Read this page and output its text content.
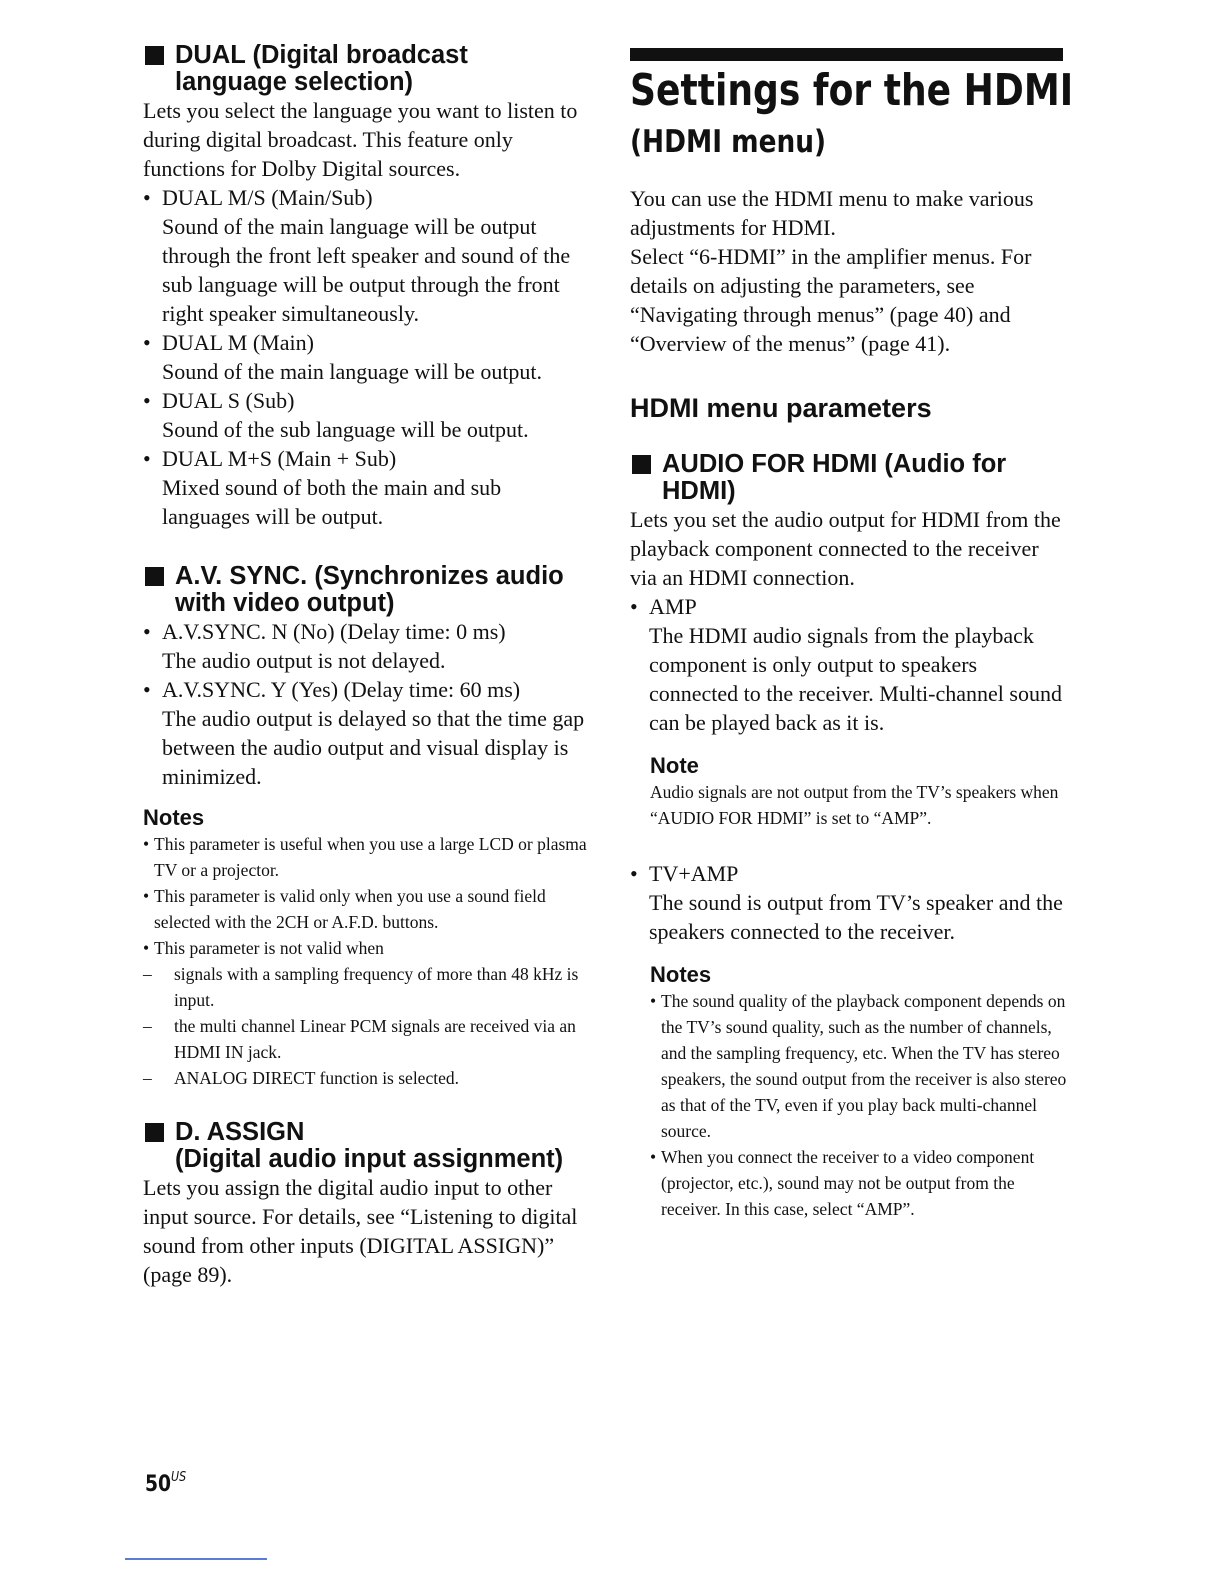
DUAL (Digital broadcast
language selection)

Lets you select the language you want to listen to during digital broadcast. This feature only functions for Dolby Digital sources.

• DUAL M/S (Main/Sub)
Sound of the main language will be output through the front left speaker and sound of the sub language will be output through the front right speaker simultaneously.
• DUAL M (Main)
Sound of the main language will be output.
• DUAL S (Sub)
Sound of the sub language will be output.
• DUAL M+S (Main + Sub)
Mixed sound of both the main and sub languages will be output.
A.V. SYNC. (Synchronizes audio
with video output)
• A.V.SYNC. N (No) (Delay time: 0 ms)
The audio output is not delayed.
• A.V.SYNC. Y (Yes) (Delay time: 60 ms)
The audio output is delayed so that the time gap between the audio output and visual display is minimized.
Notes
• This parameter is useful when you use a large LCD or plasma TV or a projector.
• This parameter is valid only when you use a sound field selected with the 2CH or A.F.D. buttons.
• This parameter is not valid when
– signals with a sampling frequency of more than 48 kHz is input.
– the multi channel Linear PCM signals are received via an HDMI IN jack.
– ANALOG DIRECT function is selected.
D. ASSIGN
(Digital audio input assignment)

Lets you assign the digital audio input to other input source. For details, see “Listening to digital sound from other inputs (DIGITAL ASSIGN)” (page 89).

Settings for the HDMI
(HDMI menu)

You can use the HDMI menu to make various adjustments for HDMI.

Select “6-HDMI” in the amplifier menus. For details on adjusting the parameters, see “Navigating through menus” (page 40) and “Overview of the menus” (page 41).

HDMI menu parameters
AUDIO FOR HDMI (Audio for
HDMI)

Lets you set the audio output for HDMI from the playback component connected to the receiver via an HDMI connection.

• AMP
The HDMI audio signals from the playback component is only output to speakers connected to the receiver. Multi-channel sound can be played back as it is.
Note

Audio signals are not output from the TV’s speakers when “AUDIO FOR HDMI” is set to “AMP”.

• TV+AMP
The sound is output from TV’s speaker and the speakers connected to the receiver.
Notes
• The sound quality of the playback component depends on the TV’s sound quality, such as the number of channels, and the sampling frequency, etc. When the TV has stereo speakers, the sound output from the receiver is also stereo as that of the TV, even if you play back multi-channel source.
• When you connect the receiver to a video component (projector, etc.), sound may not be output from the receiver. In this case, select “AMP”.
$50^{US}$
